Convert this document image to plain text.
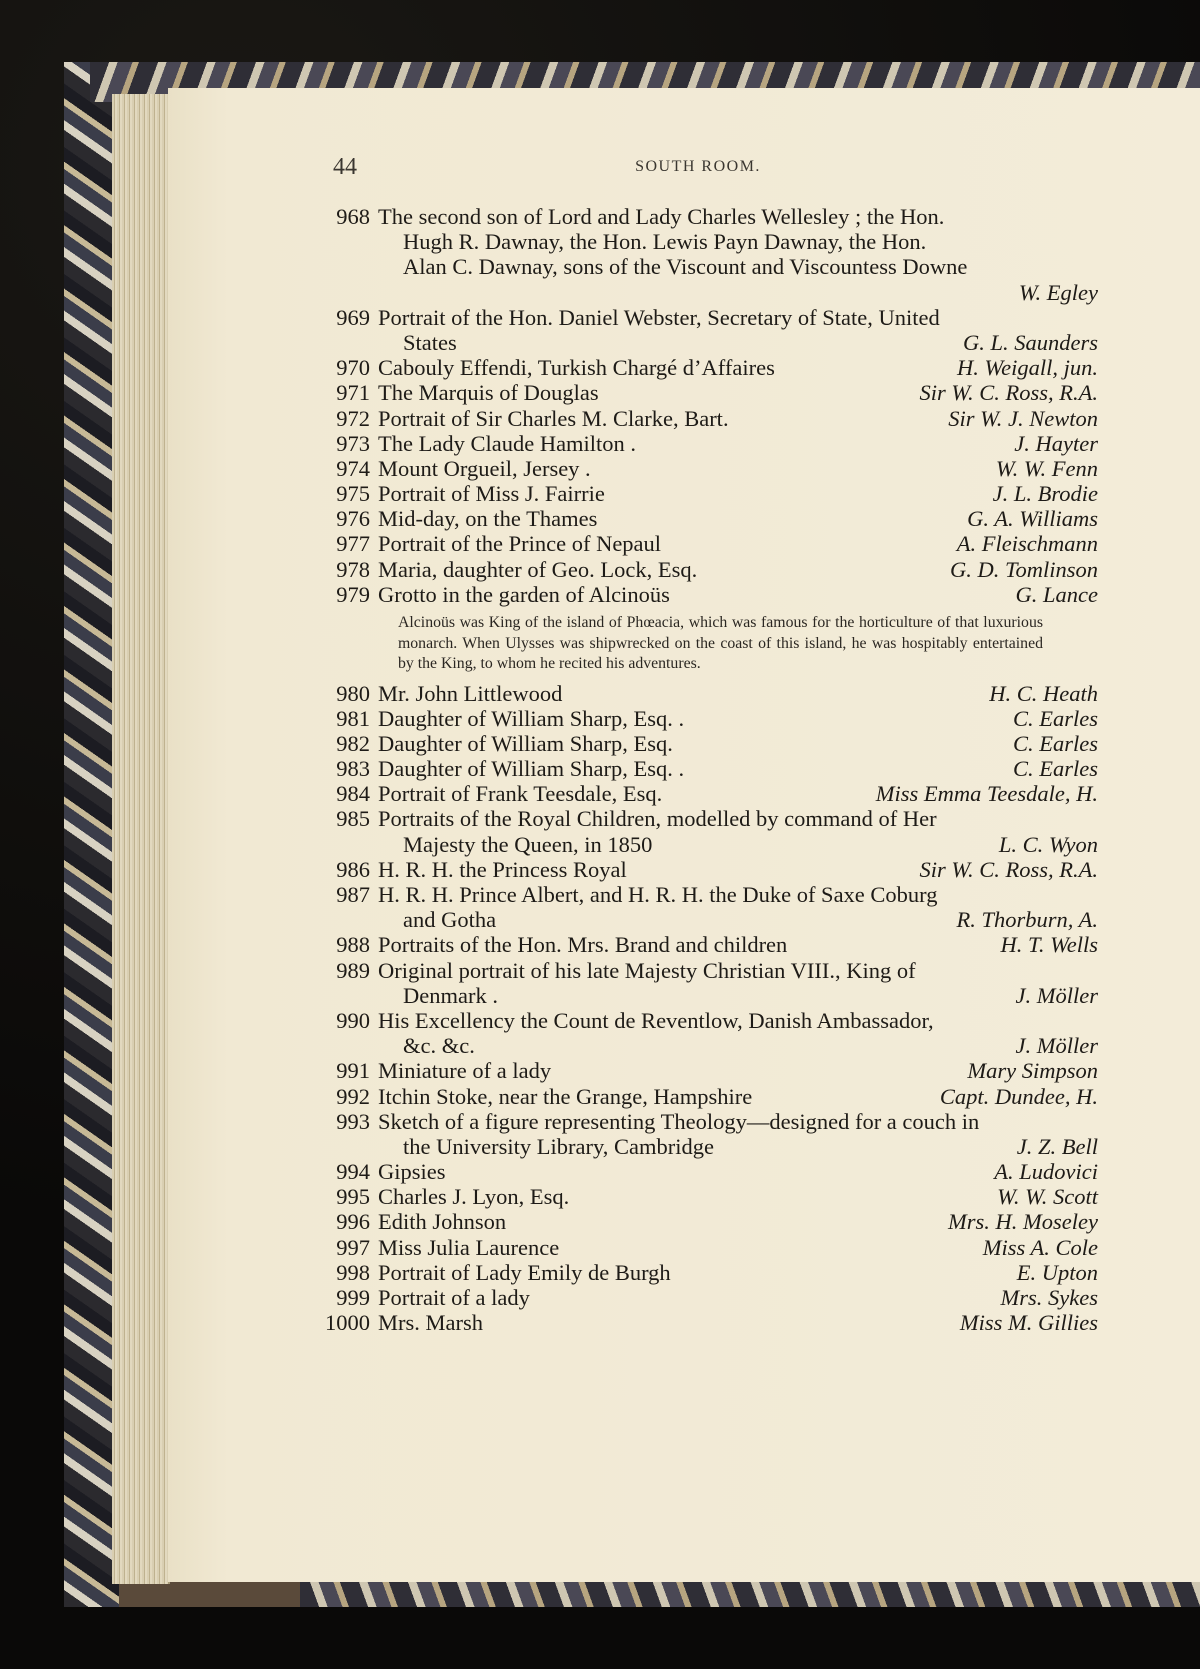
44	SOUTH ROOM.
968 The second son of Lord and Lady Charles Wellesley ; the Hon.
Hugh R. Dawnay, the Hon. Lewis Payn Dawnay, the Hon.
Alan C. Dawnay, sons of the Viscount and Viscountess Downe
W. Egley
969 Portrait of the Hon. Daniel Webster, Secretary of State, United
States	G. L. Saunders
970 Cabouly Effendi, Turkish Chargé d’Affaires	H. Weigall, jun.
971 The Marquis of Douglas	Sir W. C. Ross, R.A.
972 Portrait of Sir Charles M. Clarke, Bart.	Sir W. J. Newton
973 The Lady Claude Hamilton .	J. Hayter
974 Mount Orgueil, Jersey .	W. W. Fenn
975 Portrait of Miss J. Fairrie	J. L. Brodie
976 Mid-day, on the Thames	G. A. Williams
977 Portrait of the Prince of Nepaul	A. Fleischmann
978 Maria, daughter of Geo. Lock, Esq.	G. D. Tomlinson
979 Grotto in the garden of Alcinoüs	G. Lance

Alcinoüs was King of the island of Phœacia, which was famous for the horticulture of that luxurious monarch. When Ulysses was shipwrecked on the coast of this island, he was hospitably entertained by the King, to whom he recited his adventures.

980 Mr. John Littlewood	H. C. Heath
981 Daughter of William Sharp, Esq. .	C. Earles
982 Daughter of William Sharp, Esq.	C. Earles
983 Daughter of William Sharp, Esq. .	C. Earles
984 Portrait of Frank Teesdale, Esq.	Miss Emma Teesdale, H.
985 Portraits of the Royal Children, modelled by command of Her
Majesty the Queen, in 1850	L. C. Wyon
986 H. R. H. the Princess Royal	Sir W. C. Ross, R.A.
987 H. R. H. Prince Albert, and H. R. H. the Duke of Saxe Coburg
and Gotha	R. Thorburn, A.
988 Portraits of the Hon. Mrs. Brand and children	H. T. Wells
989 Original portrait of his late Majesty Christian VIII., King of
Denmark .	J. Möller
990 His Excellency the Count de Reventlow, Danish Ambassador,
&c. &c.	J. Möller
991 Miniature of a lady	Mary Simpson
992 Itchin Stoke, near the Grange, Hampshire	Capt. Dundee, H.
993 Sketch of a figure representing Theology—designed for a couch in
the University Library, Cambridge	J. Z. Bell
994 Gipsies	A. Ludovici
995 Charles J. Lyon, Esq.	W. W. Scott
996 Edith Johnson	Mrs. H. Moseley
997 Miss Julia Laurence	Miss A. Cole
998 Portrait of Lady Emily de Burgh	E. Upton
999 Portrait of a lady	Mrs. Sykes
1000 Mrs. Marsh	Miss M. Gillies
